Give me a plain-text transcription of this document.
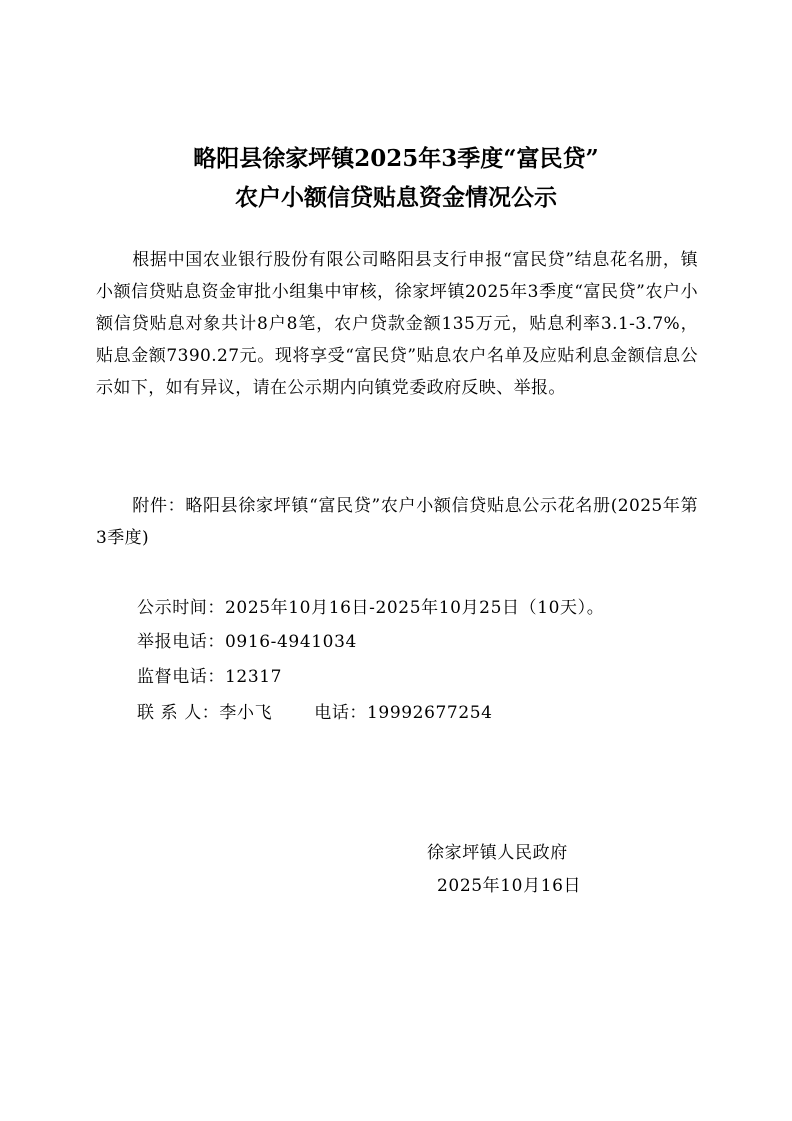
略阳县徐家坪镇2025年3季度“富民贷”
农户小额信贷贴息资金情况公示
根据中国农业银行股份有限公司略阳县支行申报“富民贷”结息花名册，镇小额信贷贴息资金审批小组集中审核，徐家坪镇2025年3季度“富民贷”农户小额信贷贴息对象共计8户8笔，农户贷款金额135万元，贴息利率3.1-3.7%，贴息金额7390.27元。现将享受“富民贷”贴息农户名单及应贴利息金额信息公示如下，如有异议，请在公示期内向镇党委政府反映、举报。
附件：略阳县徐家坪镇“富民贷”农户小额信贷贴息公示花名册(2025年第3季度)
公示时间：2025年10月16日-2025年10月25日（10天）。
举报电话：0916-4941034
监督电话：12317
联 系 人：李小飞 电话：19992677254
徐家坪镇人民政府
2025年10月16日
